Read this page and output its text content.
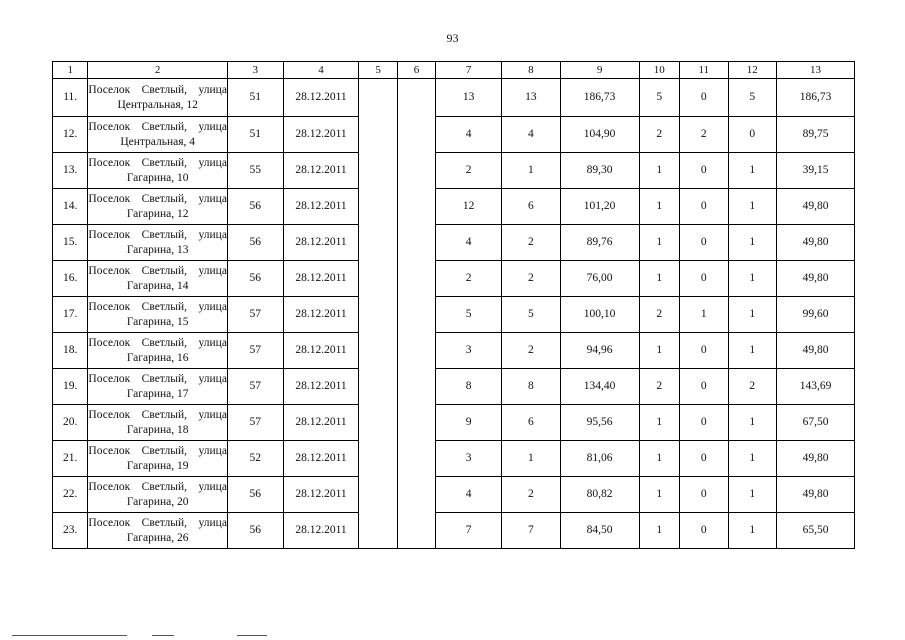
93
1	2	3	4	5	6	7	8	9	10	11	12	13
11.	Поселок Светлый, улица
Центральная, 12	51	28.12.2011			13	13	186,73	5	0	5	186,73
12.	Поселок Светлый, улица
Центральная, 4	51	28.12.2011			4	4	104,90	2	2	0	89,75
13.	Поселок Светлый, улица
Гагарина, 10	55	28.12.2011			2	1	89,30	1	0	1	39,15
14.	Поселок Светлый, улица
Гагарина, 12	56	28.12.2011			12	6	101,20	1	0	1	49,80
15.	Поселок Светлый, улица
Гагарина, 13	56	28.12.2011			4	2	89,76	1	0	1	49,80
16.	Поселок Светлый, улица
Гагарина, 14	56	28.12.2011			2	2	76,00	1	0	1	49,80
17.	Поселок Светлый, улица
Гагарина, 15	57	28.12.2011			5	5	100,10	2	1	1	99,60
18.	Поселок Светлый, улица
Гагарина, 16	57	28.12.2011			3	2	94,96	1	0	1	49,80
19.	Поселок Светлый, улица
Гагарина, 17	57	28.12.2011			8	8	134,40	2	0	2	143,69
20.	Поселок Светлый, улица
Гагарина, 18	57	28.12.2011			9	6	95,56	1	0	1	67,50
21.	Поселок Светлый, улица
Гагарина, 19	52	28.12.2011			3	1	81,06	1	0	1	49,80
22.	Поселок Светлый, улица
Гагарина, 20	56	28.12.2011			4	2	80,82	1	0	1	49,80
23.	Поселок Светлый, улица
Гагарина, 26	56	28.12.2011			7	7	84,50	1	0	1	65,50
